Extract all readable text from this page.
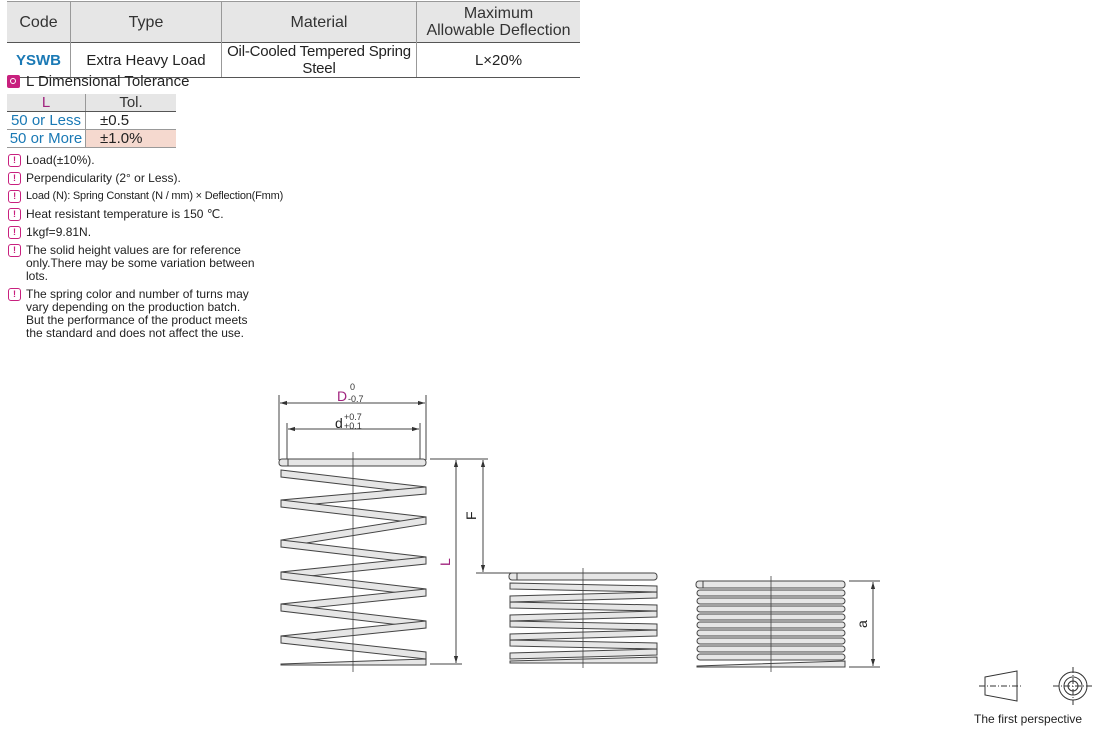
Code	Type	Material	Maximum
Allowable Deflection
YSWB	Extra Heavy Load	Oil-Cooled Tempered Spring Steel	L×20%
L Dimensional Tolerance
L	Tol.
50 or Less	±0.5
50 or More	±1.0%
! Load(±10%).
! Perpendicularity (2° or Less).
! Load (N): Spring Constant (N / mm) × Deflection(Fmm)
! Heat resistant temperature is 150 ℃.
! 1kgf=9.81N.
! The solid height values are for reference
only.There may be some variation between
lots.
! The spring color and number of turns may
vary depending on the production batch.
But the performance of the product meets
the standard and does not affect the use.
D
0
-0.7
d +0.7
+0.1
F
L
a
The first perspective
